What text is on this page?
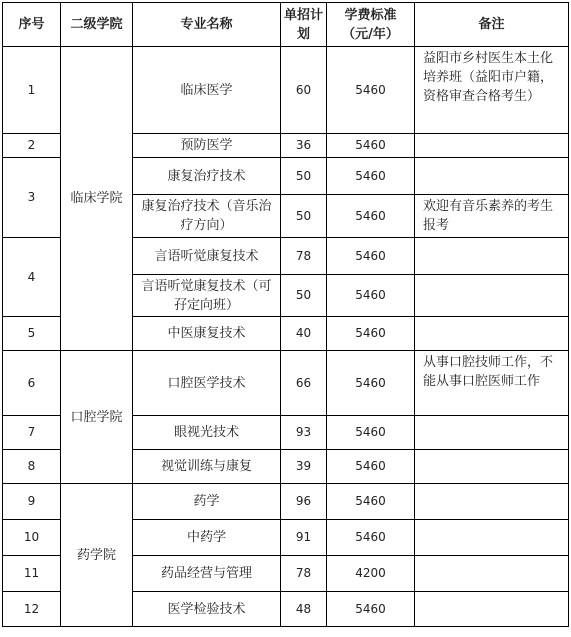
序号	二级学院	专业名称	单招计划	学费标准（元/年）	备注
1	临床学院	临床医学	60	5460	益阳市乡村医生本土化培养班（益阳市户籍，资格审查合格考生）
2		预防医学	36	5460	
3		康复治疗技术	50	5460	
		康复治疗技术（音乐治疗方向）	50	5460	欢迎有音乐素养的考生报考
4		言语听觉康复技术	78	5460	
		言语听觉康复技术（可孖定向班）	50	5460	
5		中医康复技术	40	5460	
6	口腔学院	口腔医学技术	66	5460	从事口腔技师工作，不能从事口腔医师工作
7		眼视光技术	93	5460	
8		视觉训练与康复	39	5460	
9	药学院	药学	96	5460	
10		中药学	91	5460	
11		药品经营与管理	78	4200	
12		医学检验技术	48	5460	
